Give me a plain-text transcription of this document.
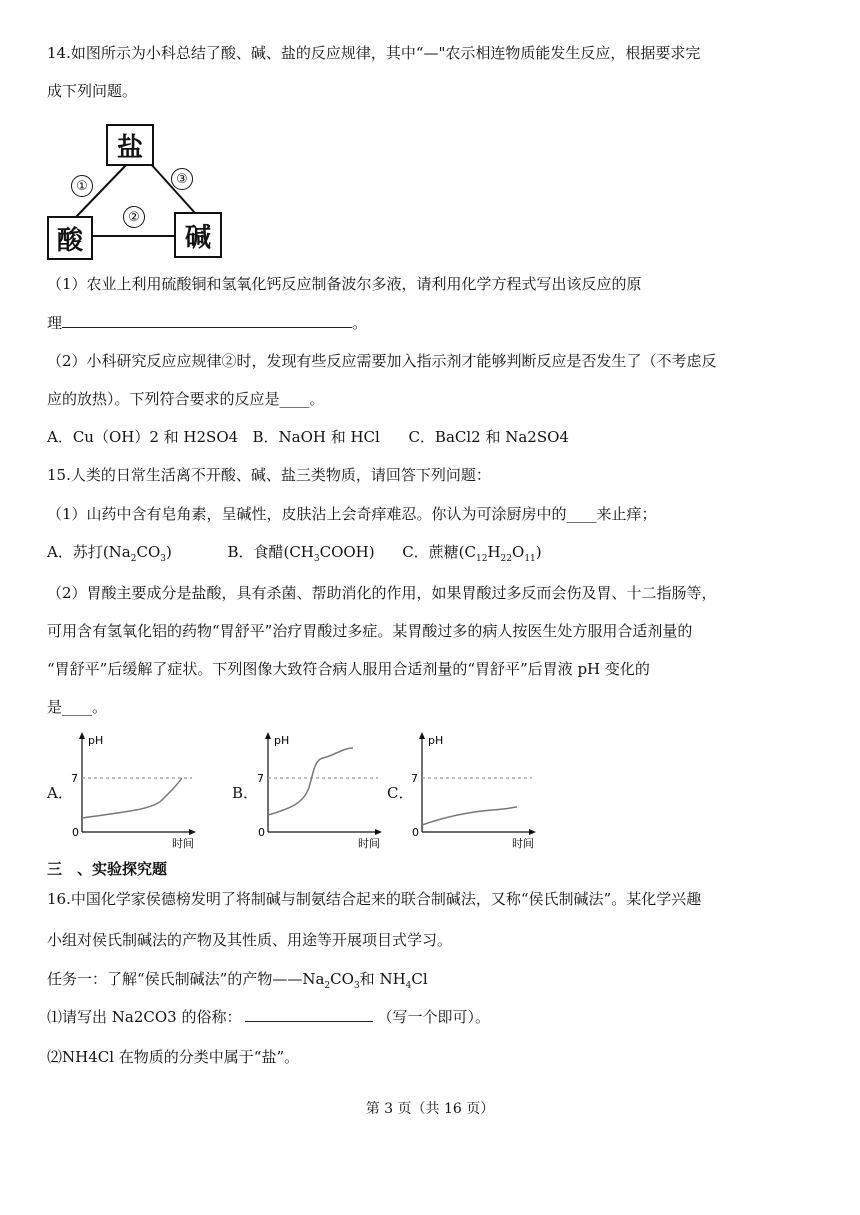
14.如图所示为小科总结了酸、碱、盐的反应规律，其中“—"农示相连物质能发生反应，根据要求完
成下列问题。
盐
酸	碱
①
②
③
（1）农业上利用硫酸铜和氢氧化钙反应制备波尔多液，请利用化学方程式写出该反应的原
理	。
（2）小科研究反应应规律②时，发现有些反应需要加入指示剂才能够判断反应是否发生了（不考虑反
应的放热）。下列符合要求的反应是____。
A．Cu（OH）2 和 H2SO4   B．NaOH 和 HCl      C．BaCl2 和 Na2SO4
15.人类的日常生活离不开酸、碱、盐三类物质，请回答下列问题：
（1）山药中含有皂角素，呈碱性，皮肤沾上会奇痒难忍。你认为可涂厨房中的____来止痒；
A．苏打$(Na_2CO_3)$	B．食醋$(CH_3COOH)$ C．蔗糖$(C_{12}H_{22}O_{11})$
（2）胃酸主要成分是盐酸，具有杀菌、帮助消化的作用，如果胃酸过多反而会伤及胃、十二指肠等，
可用含有氢氧化铝的药物“胃舒平”治疗胃酸过多症。某胃酸过多的病人按医生处方服用合适剂量的
“胃舒平”后缓解了症状。下列图像大致符合病人服用合适剂量的“胃舒平”后胃液 pH 变化的
是____。
A．
pH
7
0
时间
B．
pH
7
0
时间
C．
pH
7
0
时间
三　、实验探究题
16.中国化学家侯德榜发明了将制碱与制氨结合起来的联合制碱法，又称“侯氏制碱法”。某化学兴趣
小组对侯氏制碱法的产物及其性质、用途等开展项目式学习。
任务一：了解“侯氏制碱法”的产物$——Na_2CO_3$和 $NH_4Cl$
⑴请写出 Na2CO3 的俗称：	（写一个即可）。
⑵NH4Cl 在物质的分类中属于“盐”。
第 3 页（共 16 页）
